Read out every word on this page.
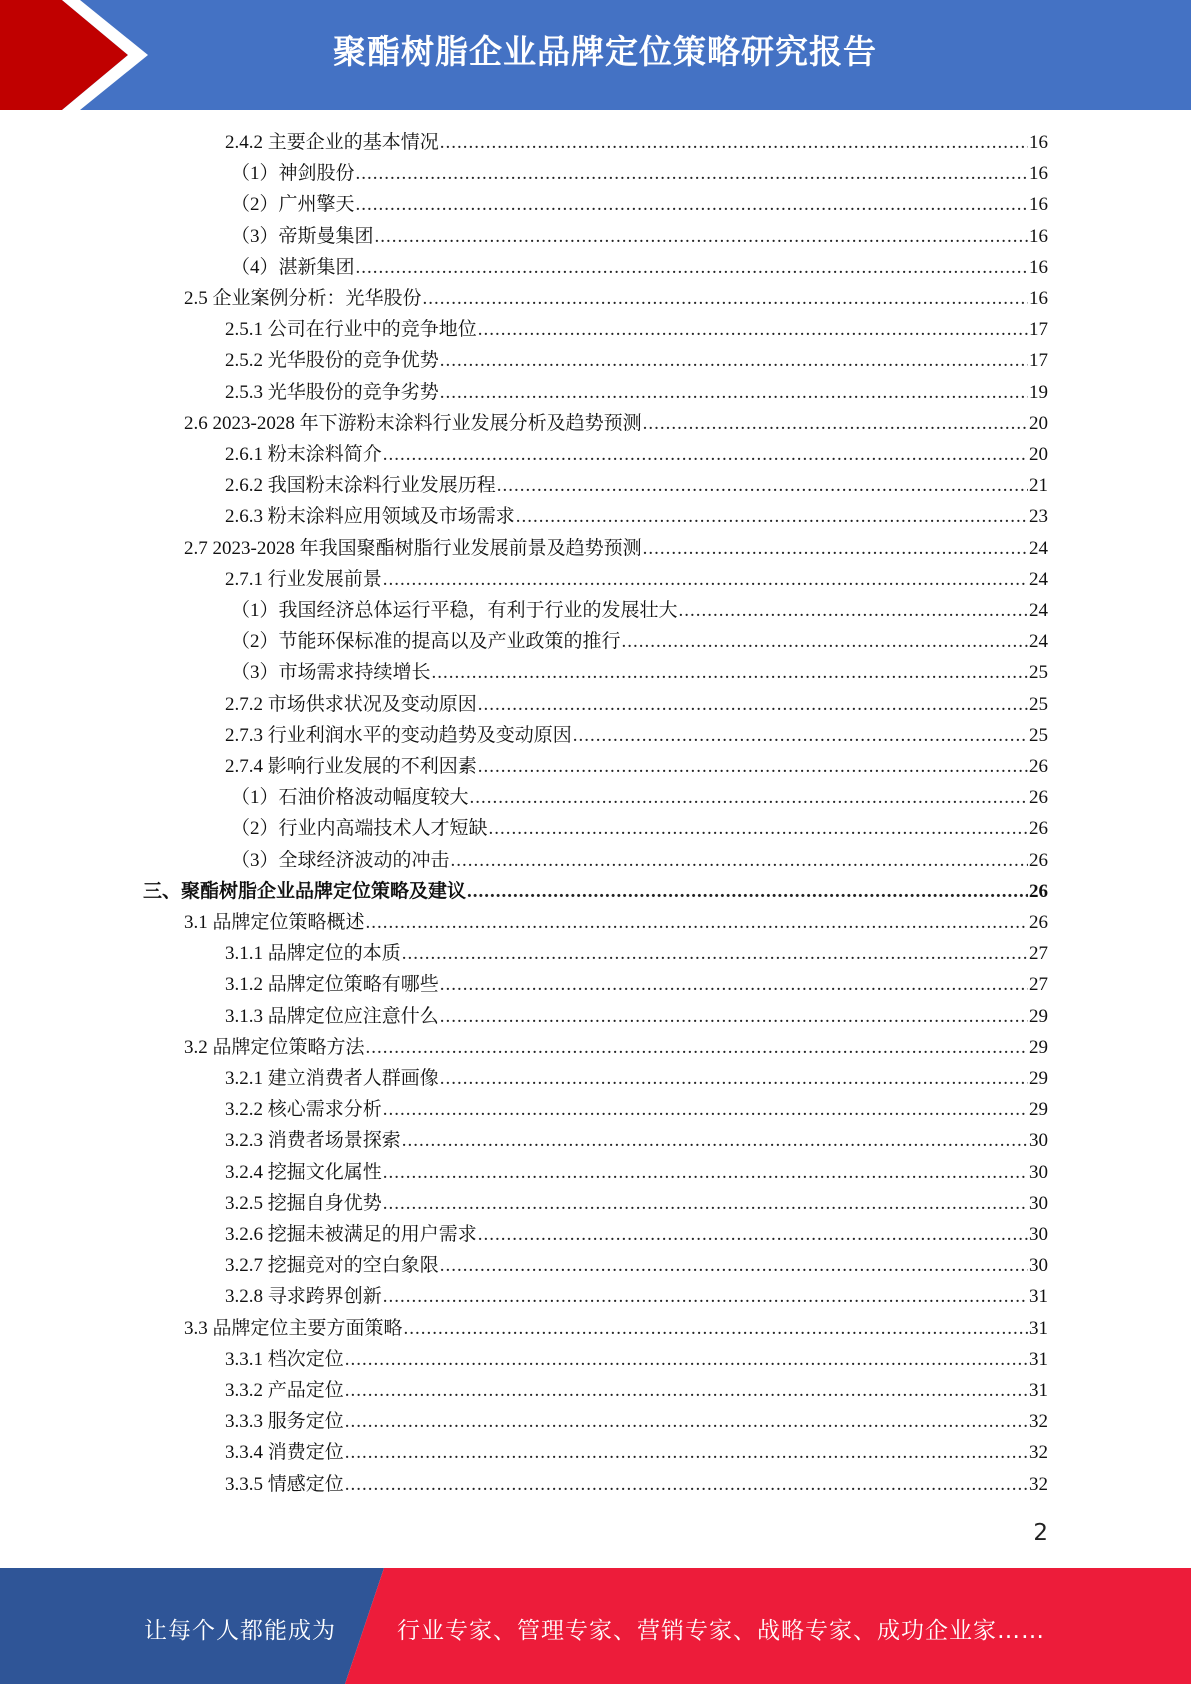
聚酯树脂企业品牌定位策略研究报告
2.4.2 主要企业的基本情况 .....	16
（1）神剑股份 .....	16
（2）广州擎天 .....	16
（3）帝斯曼集团 .....	16
（4）湛新集团 .....	16
2.5 企业案例分析：光华股份 .....	16
2.5.1 公司在行业中的竞争地位 .....	17
2.5.2 光华股份的竞争优势 .....	17
2.5.3 光华股份的竞争劣势 .....	19
2.6 2023-2028 年下游粉末涂料行业发展分析及趋势预测 .....	20
2.6.1 粉末涂料简介 .....	20
2.6.2 我国粉末涂料行业发展历程 .....	21
2.6.3 粉末涂料应用领域及市场需求 .....	23
2.7 2023-2028 年我国聚酯树脂行业发展前景及趋势预测 .....	24
2.7.1 行业发展前景 .....	24
（1）我国经济总体运行平稳，有利于行业的发展壮大 .....	24
（2）节能环保标准的提高以及产业政策的推行 .....	24
（3）市场需求持续增长 .....	25
2.7.2 市场供求状况及变动原因 .....	25
2.7.3 行业利润水平的变动趋势及变动原因 .....	25
2.7.4 影响行业发展的不利因素 .....	26
（1）石油价格波动幅度较大 .....	26
（2）行业内高端技术人才短缺 .....	26
（3）全球经济波动的冲击 .....	26
三、聚酯树脂企业品牌定位策略及建议 .....	26
3.1 品牌定位策略概述 .....	26
3.1.1 品牌定位的本质 .....	27
3.1.2 品牌定位策略有哪些 .....	27
3.1.3 品牌定位应注意什么 .....	29
3.2 品牌定位策略方法 .....	29
3.2.1 建立消费者人群画像 .....	29
3.2.2 核心需求分析 .....	29
3.2.3 消费者场景探索 .....	30
3.2.4 挖掘文化属性 .....	30
3.2.5 挖掘自身优势 .....	30
3.2.6 挖掘未被满足的用户需求 .....	30
3.2.7 挖掘竞对的空白象限 .....	30
3.2.8 寻求跨界创新 .....	31
3.3 品牌定位主要方面策略 .....	31
3.3.1 档次定位 .....	31
3.3.2 产品定位 .....	31
3.3.3 服务定位 .....	32
3.3.4 消费定位 .....	32
3.3.5 情感定位 .....	32
2
让每个人都能成为	行业专家、管理专家、营销专家、战略专家、成功企业家……
